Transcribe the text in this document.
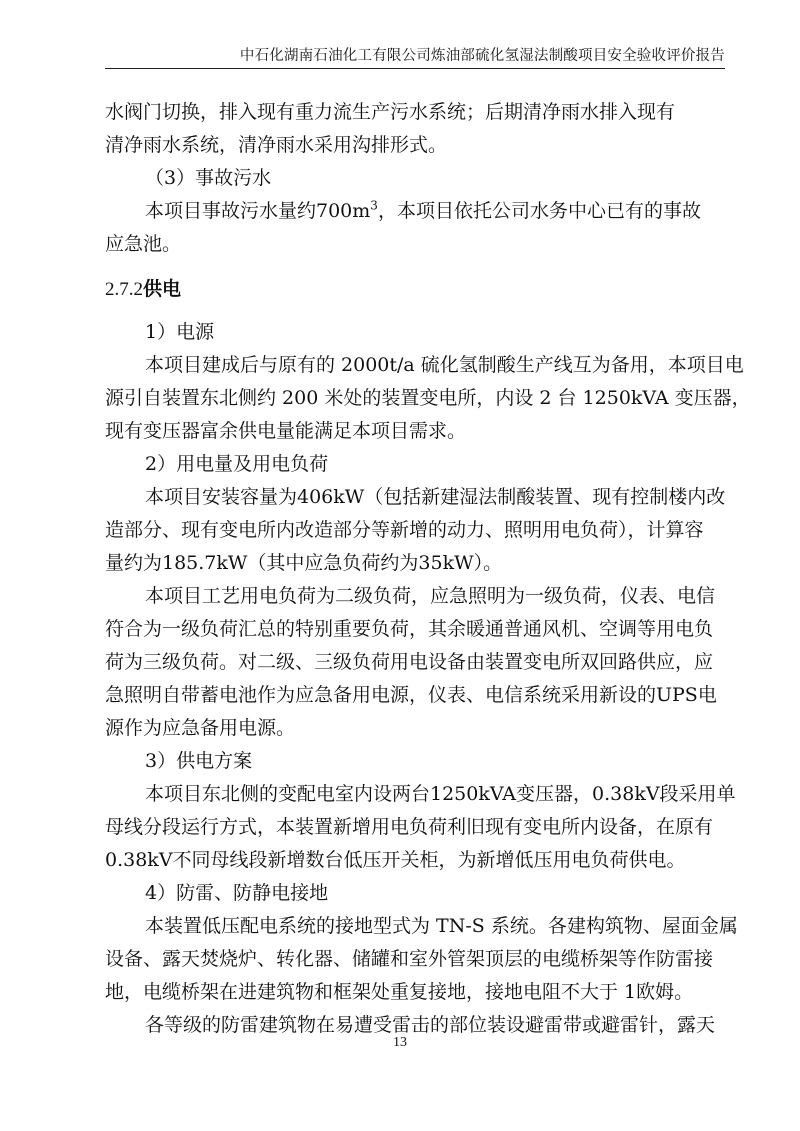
中石化湖南石油化工有限公司炼油部硫化氢湿法制酸项目安全验收评价报告
水阀门切换，排入现有重力流生产污水系统；后期清净雨水排入现有
清净雨水系统，清净雨水采用沟排形式。
（3）事故污水
本项目事故污水量约$700m^3$，本项目依托公司水务中心已有的事故
应急池。
2.7.2供电
1）电源
本项目建成后与原有的 2000t/a 硫化氢制酸生产线互为备用，本项目电
源引自装置东北侧约 200 米处的装置变电所，内设 2 台 1250kVA 变压器，
现有变压器富余供电量能满足本项目需求。
2）用电量及用电负荷
本项目安装容量为406kW（包括新建湿法制酸装置、现有控制楼内改
造部分、现有变电所内改造部分等新增的动力、照明用电负荷），计算容
量约为185.7kW（其中应急负荷约为35kW）。
本项目工艺用电负荷为二级负荷，应急照明为一级负荷，仪表、电信
符合为一级负荷汇总的特别重要负荷，其余暖通普通风机、空调等用电负
荷为三级负荷。对二级、三级负荷用电设备由装置变电所双回路供应，应
急照明自带蓄电池作为应急备用电源，仪表、电信系统采用新设的UPS电
源作为应急备用电源。
3）供电方案
本项目东北侧的变配电室内设两台1250kVA变压器，0.38kV段采用单
母线分段运行方式，本装置新增用电负荷利旧现有变电所内设备，在原有
0.38kV不同母线段新增数台低压开关柜，为新增低压用电负荷供电。
4）防雷、防静电接地
本装置低压配电系统的接地型式为 TN-S 系统。各建构筑物、屋面金属
设备、露天焚烧炉、转化器、储罐和室外管架顶层的电缆桥架等作防雷接
地，电缆桥架在进建筑物和框架处重复接地，接地电阻不大于 1欧姆。
各等级的防雷建筑物在易遭受雷击的部位装设避雷带或避雷针，露天
13
